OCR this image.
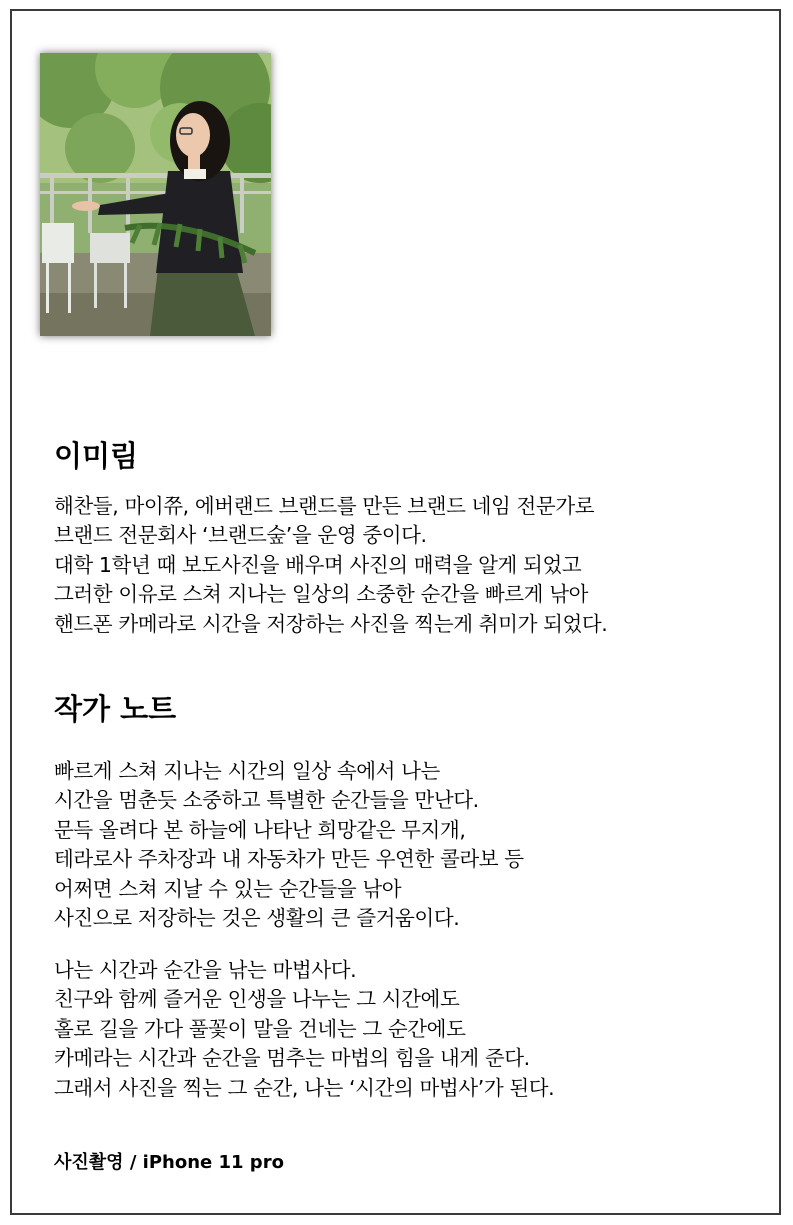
이미림

해찬들, 마이쮸, 에버랜드 브랜드를 만든 브랜드 네임 전문가로
브랜드 전문회사 ‘브랜드숲’을 운영 중이다.
대학 1학년 때 보도사진을 배우며 사진의 매력을 알게 되었고
그러한 이유로 스쳐 지나는 일상의 소중한 순간을 빠르게 낚아
핸드폰 카메라로 시간을 저장하는 사진을 찍는게 취미가 되었다.

작가 노트

빠르게 스쳐 지나는 시간의 일상 속에서 나는
시간을 멈춘듯 소중하고 특별한 순간들을 만난다.
문득 올려다 본 하늘에 나타난 희망같은 무지개,
테라로사 주차장과 내 자동차가 만든 우연한 콜라보 등
어쩌면 스쳐 지날 수 있는 순간들을 낚아
사진으로 저장하는 것은 생활의 큰 즐거움이다.

나는 시간과 순간을 낚는 마법사다.
친구와 함께 즐거운 인생을 나누는 그 시간에도
홀로 길을 가다 풀꽃이 말을 건네는 그 순간에도
카메라는 시간과 순간을 멈추는 마법의 힘을 내게 준다.
그래서 사진을 찍는 그 순간, 나는 ‘시간의 마법사’가 된다.

사진촬영 / iPhone 11 pro
